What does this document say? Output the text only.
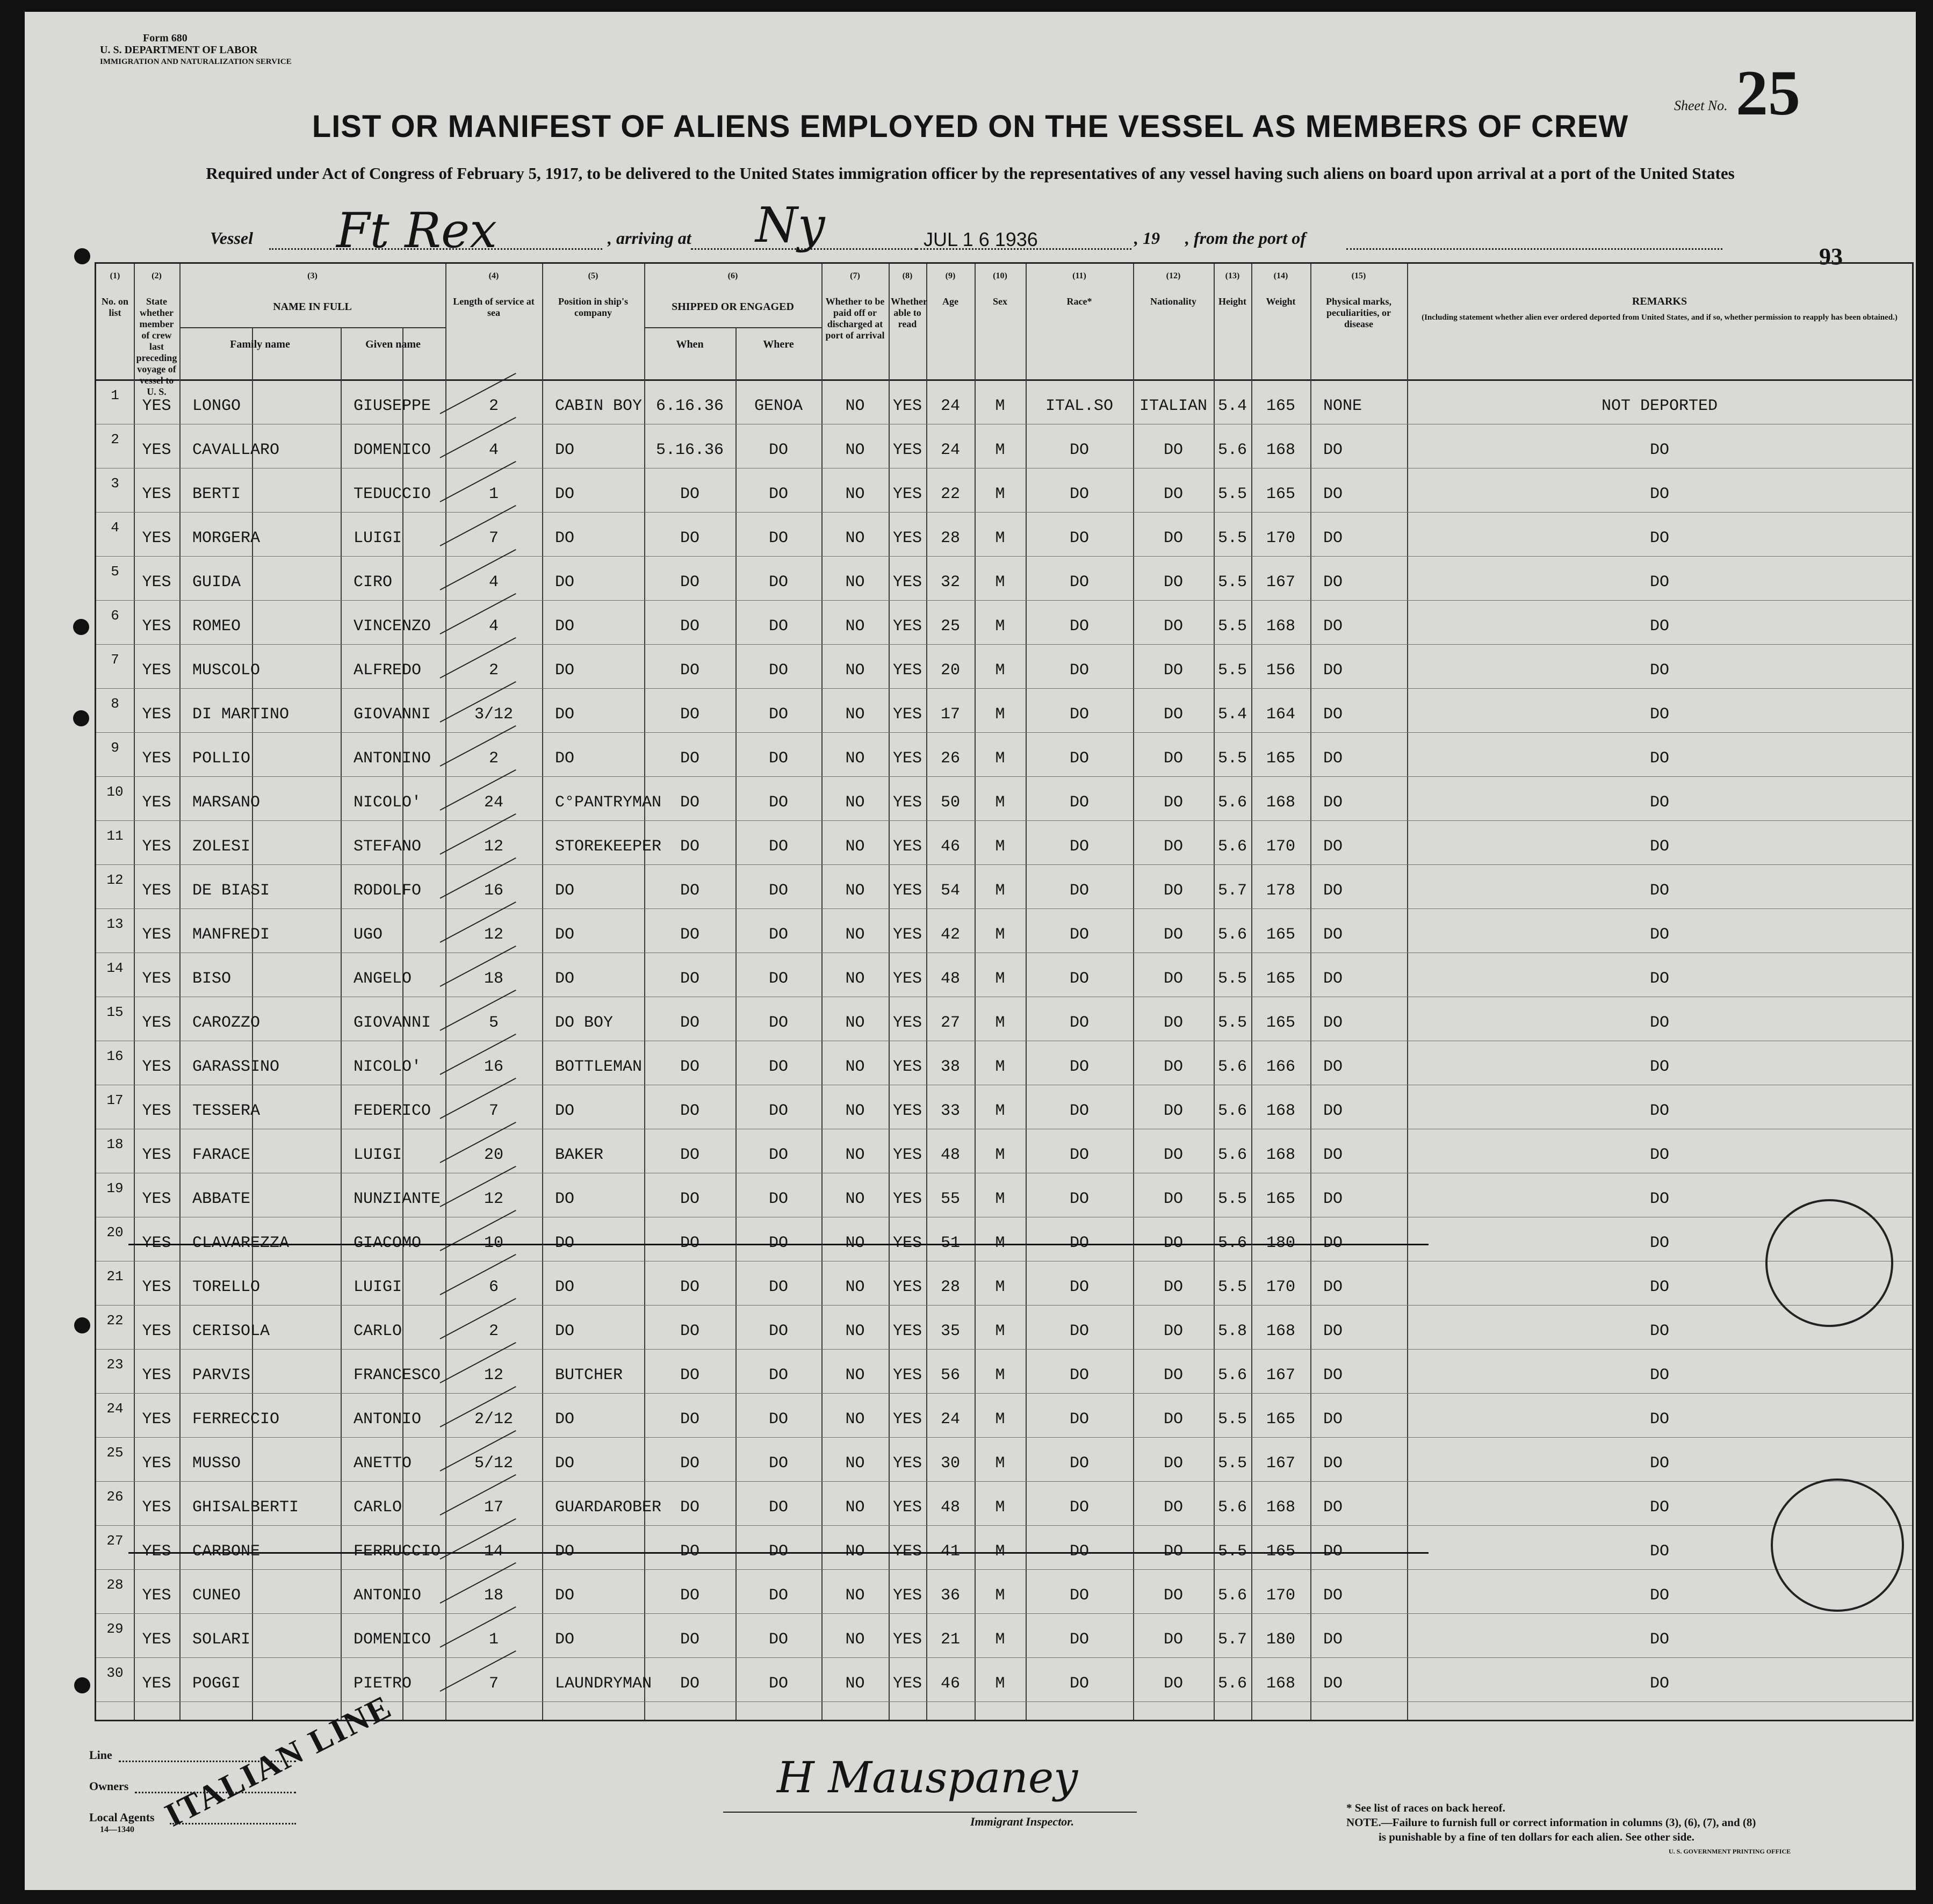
Form 680
U. S. DEPARTMENT OF LABOR
IMMIGRATION AND NATURALIZATION SERVICE
Sheet No. 25
LIST OR MANIFEST OF ALIENS EMPLOYED ON THE VESSEL AS MEMBERS OF CREW
Required under Act of Congress of February 5, 1917, to be delivered to the United States immigration officer by the representatives of any vessel having such aliens on board upon arrival at a port of the United States
Vessel Ft Rex	, arriving at Ny	JUL 1 6 1936	, 19 , from the port of
93
(1)
No. on list
(2)
State whether member of crew last preceding voyage of vessel to U. S.
(4)
Length of service at sea
(5)
Position in ship's company
(7)
Whether to be paid off or discharged at port of arrival
(8)
Whether able to read
(9)
Age
(10)
Sex
(11)
Race*
(12)
Nationality
(13)
Height
(14)
Weight
(15)
Physical marks, peculiarities, or disease
REMARKS
(Including statement whether alien ever ordered deported from United States, and if so, whether permission to reapply has been obtained.)
(3)
NAME IN FULL
Family name	Given name
(6)
SHIPPED OR ENGAGED
When	Where
1
YES	LONGO	GIUSEPPE	2	CABIN BOY 6.16.36	GENOA	NO	YES	24	M	ITAL.SO	ITALIAN 5.4	165	NONE	NOT DEPORTED
2
YES	CAVALLARO	DOMENICO	4	DO	5.16.36	DO	NO	YES	24	M	DO	DO	5.6	168	DO	DO
3
YES	BERTI	TEDUCCIO	1	DO	DO	DO	NO	YES	22	M	DO	DO	5.5	165	DO	DO
4
YES	MORGERA	LUIGI	7	DO	DO	DO	NO	YES	28	M	DO	DO	5.5	170	DO	DO
5
YES	GUIDA	CIRO	4	DO	DO	DO	NO	YES	32	M	DO	DO	5.5	167	DO	DO
6
YES	ROMEO	VINCENZO	4	DO	DO	DO	NO	YES	25	M	DO	DO	5.5	168	DO	DO
7
YES	MUSCOLO	ALFREDO	2	DO	DO	DO	NO	YES	20	M	DO	DO	5.5	156	DO	DO
8
YES	DI MARTINO	GIOVANNI	3/12	DO	DO	DO	NO	YES	17	M	DO	DO	5.4	164	DO	DO
9
YES	POLLIO	ANTONINO	2	DO	DO	DO	NO	YES	26	M	DO	DO	5.5	165	DO	DO
10
YES	MARSANO	NICOLO'	24	C°PANTRYMAN	DO	DO	NO	YES	50	M	DO	DO	5.6	168	DO	DO
11
YES	ZOLESI	STEFANO	12	STOREKEEPER	DO	DO	NO	YES	46	M	DO	DO	5.6	170	DO	DO
12
YES	DE BIASI	RODOLFO	16	DO	DO	DO	NO	YES	54	M	DO	DO	5.7	178	DO	DO
13
YES	MANFREDI	UGO	12	DO	DO	DO	NO	YES	42	M	DO	DO	5.6	165	DO	DO
14
YES	BISO	ANGELO	18	DO	DO	DO	NO	YES	48	M	DO	DO	5.5	165	DO	DO
15
YES	CAROZZO	GIOVANNI	5	DO BOY	DO	DO	NO	YES	27	M	DO	DO	5.5	165	DO	DO
16
YES	GARASSINO	NICOLO'	16	BOTTLEMAN	DO	DO	NO	YES	38	M	DO	DO	5.6	166	DO	DO
17
YES	TESSERA	FEDERICO	7	DO	DO	DO	NO	YES	33	M	DO	DO	5.6	168	DO	DO
18
YES	FARACE	LUIGI	20	BAKER	DO	DO	NO	YES	48	M	DO	DO	5.6	168	DO	DO
19
YES	ABBATE	NUNZIANTE	12	DO	DO	DO	NO	YES	55	M	DO	DO	5.5	165	DO	DO
20
YES	CLAVAREZZA	GIACOMO	10	DO	DO	DO	NO	YES	51	M	DO	DO	5.6	180	DO	DO
21
YES	TORELLO	LUIGI	6	DO	DO	DO	NO	YES	28	M	DO	DO	5.5	170	DO	DO
22
YES	CERISOLA	CARLO	2	DO	DO	DO	NO	YES	35	M	DO	DO	5.8	168	DO	DO
23
YES	PARVIS	FRANCESCO	12	BUTCHER	DO	DO	NO	YES	56	M	DO	DO	5.6	167	DO	DO
24
YES	FERRECCIO	ANTONIO	2/12	DO	DO	DO	NO	YES	24	M	DO	DO	5.5	165	DO	DO
25
YES	MUSSO	ANETTO	5/12	DO	DO	DO	NO	YES	30	M	DO	DO	5.5	167	DO	DO
26
YES	GHISALBERTI	CARLO	17	GUARDAROBER	DO	DO	NO	YES	48	M	DO	DO	5.6	168	DO	DO
27
YES	CARBONE	FERRUCCIO	14	DO	DO	DO	NO	YES	41	M	DO	DO	5.5	165	DO	DO
28
YES	CUNEO	ANTONIO	18	DO	DO	DO	NO	YES	36	M	DO	DO	5.6	170	DO	DO
29
YES	SOLARI	DOMENICO	1	DO	DO	DO	NO	YES	21	M	DO	DO	5.7	180	DO	DO
30
YES	POGGI	PIETRO	7	LAUNDRYMAN	DO	DO	NO	YES	46	M	DO	DO	5.6	168	DO	DO
ITALIAN LINE
Line
Owners
Local Agents
14—1340
H Mauspaney
Immigrant Inspector.
* See list of races on back hereof.
NOTE.—Failure to furnish full or correct information in columns (3), (6), (7), and (8)
is punishable by a fine of ten dollars for each alien. See other side.
U. S. GOVERNMENT PRINTING OFFICE
